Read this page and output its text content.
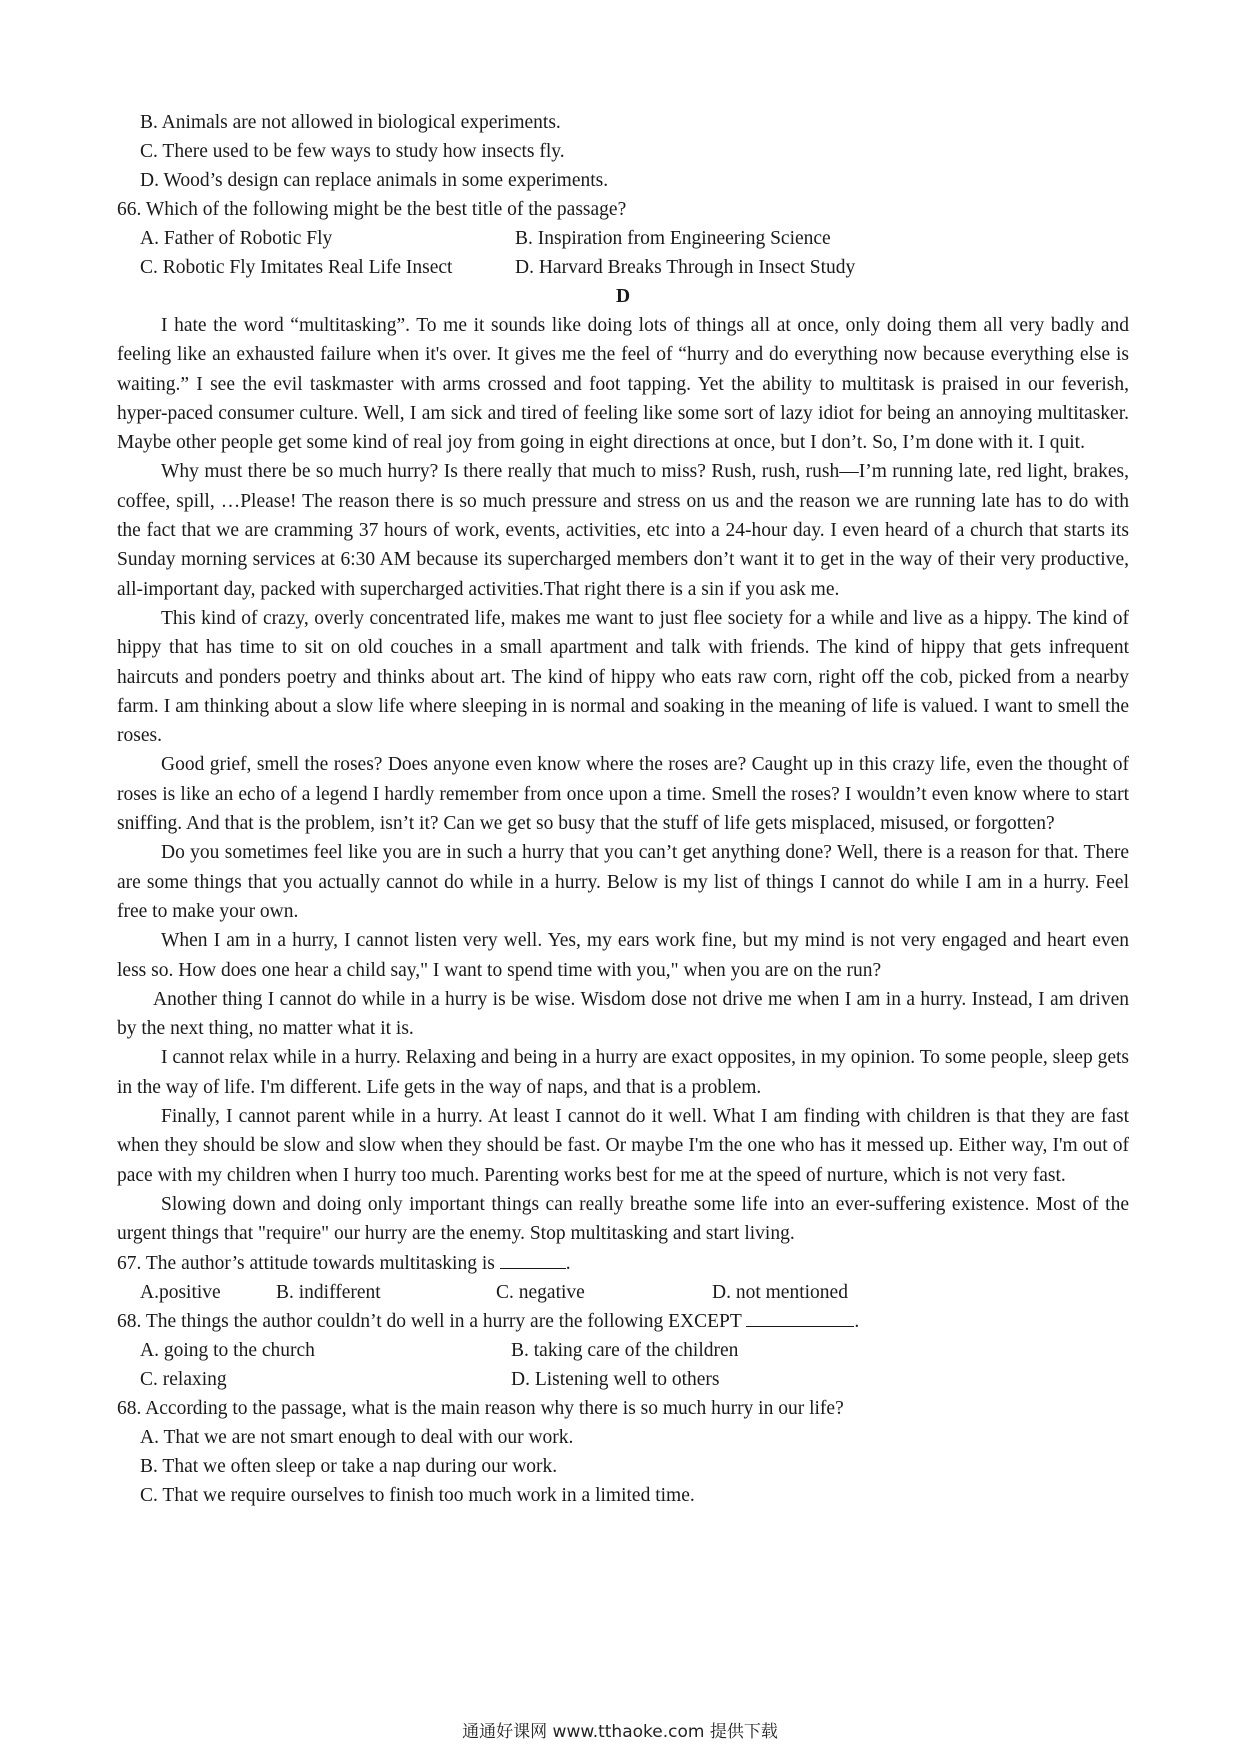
B. Animals are not allowed in biological experiments.
C. There used to be few ways to study how insects fly.
D. Wood’s design can replace animals in some experiments.
66. Which of the following might be the best title of the passage?
A. Father of Robotic Fly	B. Inspiration from Engineering Science
C. Robotic Fly Imitates Real Life Insect	D. Harvard Breaks Through in Insect Study
D

I hate the word “multitasking”. To me it sounds like doing lots of things all at once, only doing them all very badly and feeling like an exhausted failure when it's over. It gives me the feel of “hurry and do everything now because everything else is waiting.” I see the evil taskmaster with arms crossed and foot tapping. Yet the ability to multitask is praised in our feverish, hyper-paced consumer culture. Well, I am sick and tired of feeling like some sort of lazy idiot for being an annoying multitasker. Maybe other people get some kind of real joy from going in eight directions at once, but I don’t. So, I’m done with it. I quit.

Why must there be so much hurry? Is there really that much to miss? Rush, rush, rush—I’m running late, red light, brakes, coffee, spill, …Please! The reason there is so much pressure and stress on us and the reason we are running late has to do with the fact that we are cramming 37 hours of work, events, activities, etc into a 24-hour day. I even heard of a church that starts its Sunday morning services at 6:30 AM because its supercharged members don’t want it to get in the way of their very productive, all-important day, packed with supercharged activities.That right there is a sin if you ask me.

This kind of crazy, overly concentrated life, makes me want to just flee society for a while and live as a hippy. The kind of hippy that has time to sit on old couches in a small apartment and talk with friends. The kind of hippy that gets infrequent haircuts and ponders poetry and thinks about art. The kind of hippy who eats raw corn, right off the cob, picked from a nearby farm. I am thinking about a slow life where sleeping in is normal and soaking in the meaning of life is valued. I want to smell the roses.

Good grief, smell the roses? Does anyone even know where the roses are? Caught up in this crazy life, even the thought of roses is like an echo of a legend I hardly remember from once upon a time. Smell the roses? I wouldn’t even know where to start sniffing. And that is the problem, isn’t it? Can we get so busy that the stuff of life gets misplaced, misused, or forgotten?

Do you sometimes feel like you are in such a hurry that you can’t get anything done? Well, there is a reason for that. There are some things that you actually cannot do while in a hurry. Below is my list of things I cannot do while I am in a hurry. Feel free to make your own.

When I am in a hurry, I cannot listen very well. Yes, my ears work fine, but my mind is not very engaged and heart even less so. How does one hear a child say," I want to spend time with you," when you are on the run?

Another thing I cannot do while in a hurry is be wise. Wisdom dose not drive me when I am in a hurry. Instead, I am driven by the next thing, no matter what it is.

I cannot relax while in a hurry. Relaxing and being in a hurry are exact opposites, in my opinion. To some people, sleep gets in the way of life. I'm different. Life gets in the way of naps, and that is a problem.

Finally, I cannot parent while in a hurry. At least I cannot do it well. What I am finding with children is that they are fast when they should be slow and slow when they should be fast. Or maybe I'm the one who has it messed up. Either way, I'm out of pace with my children when I hurry too much. Parenting works best for me at the speed of nurture, which is not very fast.

Slowing down and doing only important things can really breathe some life into an ever-suffering existence. Most of the urgent things that "require" our hurry are the enemy. Stop multitasking and start living.

67. The author’s attitude towards multitasking is	.
A.positive	B. indifferent	C. negative	D. not mentioned
68. The things the author couldn’t do well in a hurry are the following EXCEPT	.
A. going to the church	B. taking care of the children
C. relaxing	D. Listening well to others
68. According to the passage, what is the main reason why there is so much hurry in our life?
A. That we are not smart enough to deal with our work.
B. That we often sleep or take a nap during our work.
C. That we require ourselves to finish too much work in a limited time.
通通好课网 www.tthaoke.com 提供下载
